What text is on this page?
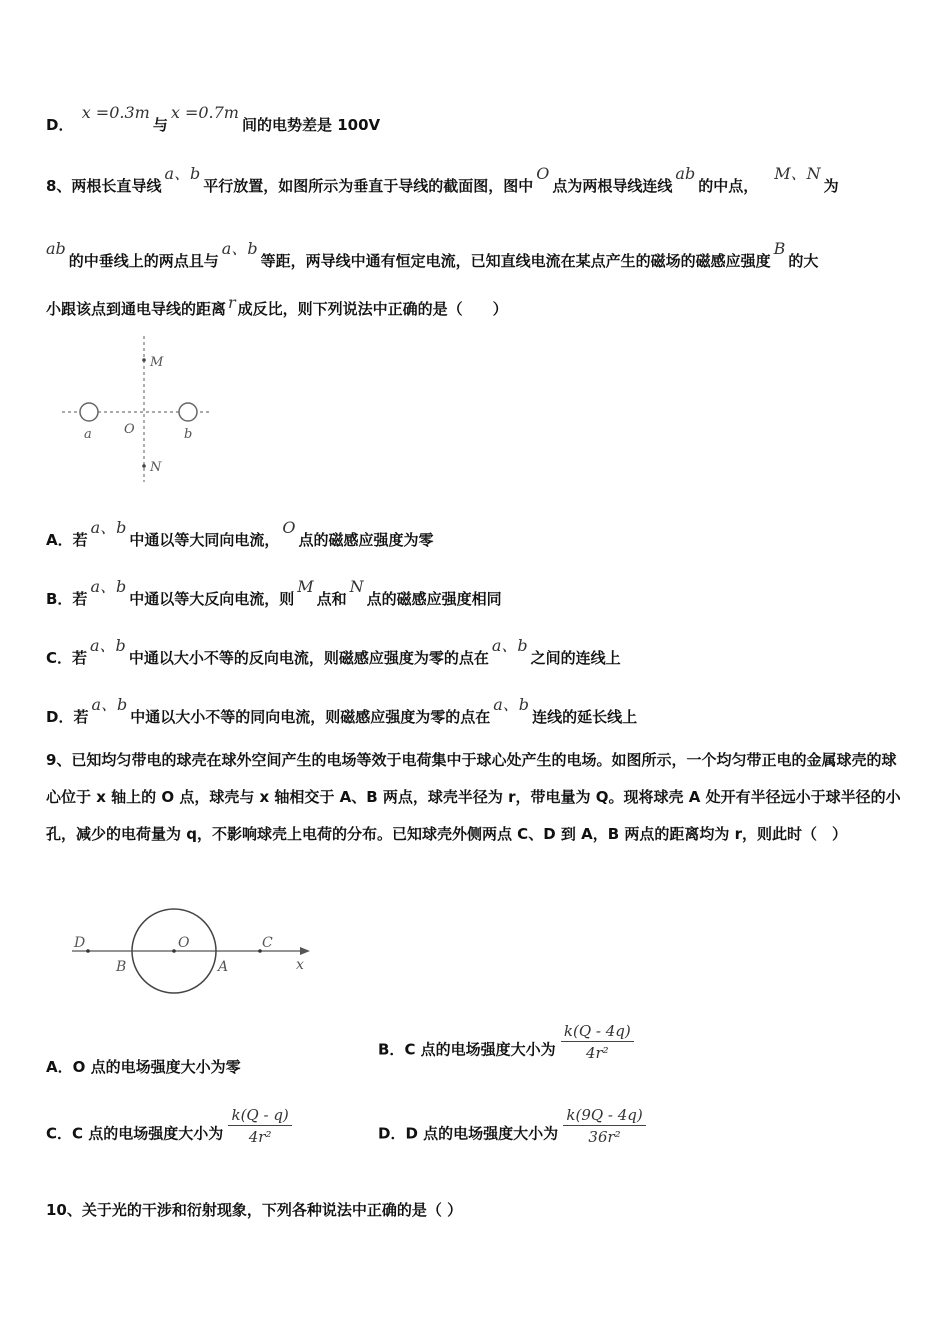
D． x =0.3m与x =0.7m间的电势差是 100V
8、两根长直导线a、b平行放置，如图所示为垂直于导线的截面图，图中O点为两根导线连线ab的中点，M、N为
ab的中垂线上的两点且与a、b等距，两导线中通有恒定电流，已知直线电流在某点产生的磁场的磁感应强度B的大
小跟该点到通电导线的距离 r 成反比，则下列说法中正确的是（　　）
M
N
a	b
O
A．若a、b中通以等大同向电流，O点的磁感应强度为零
B．若a、b中通以等大反向电流，则M点和N点的磁感应强度相同
C．若a、b中通以大小不等的反向电流，则磁感应强度为零的点在a、b之间的连线上
D．若a、b中通以大小不等的同向电流，则磁感应强度为零的点在a、b连线的延长线上
9、已知均匀带电的球壳在球外空间产生的电场等效于电荷集中于球心处产生的电场。如图所示，一个均匀带正电的金属球壳的球心位于 x 轴上的 O 点，球壳与 x 轴相交于 A、B 两点，球壳半径为 r，带电量为 Q。现将球壳 A 处开有半径远小于球半径的小孔，减少的电荷量为 q，不影响球壳上电荷的分布。已知球壳外侧两点 C、D 到 A，B 两点的距离均为 r，则此时（　）
D
B
O
A
C
x
A．O 点的电场强度大小为零
B．C 点的电场强度大小为 $\frac{k(Q - 4q)}{\text{4r²}}$
C．C 点的电场强度大小为 $\frac{k(Q - q)}{\text{4r²}}$	D．D 点的电场强度大小为 $\frac{k(9Q - 4q)}{\text{36r²}}$
10、关于光的干涉和衍射现象，下列各种说法中正确的是（ ）
